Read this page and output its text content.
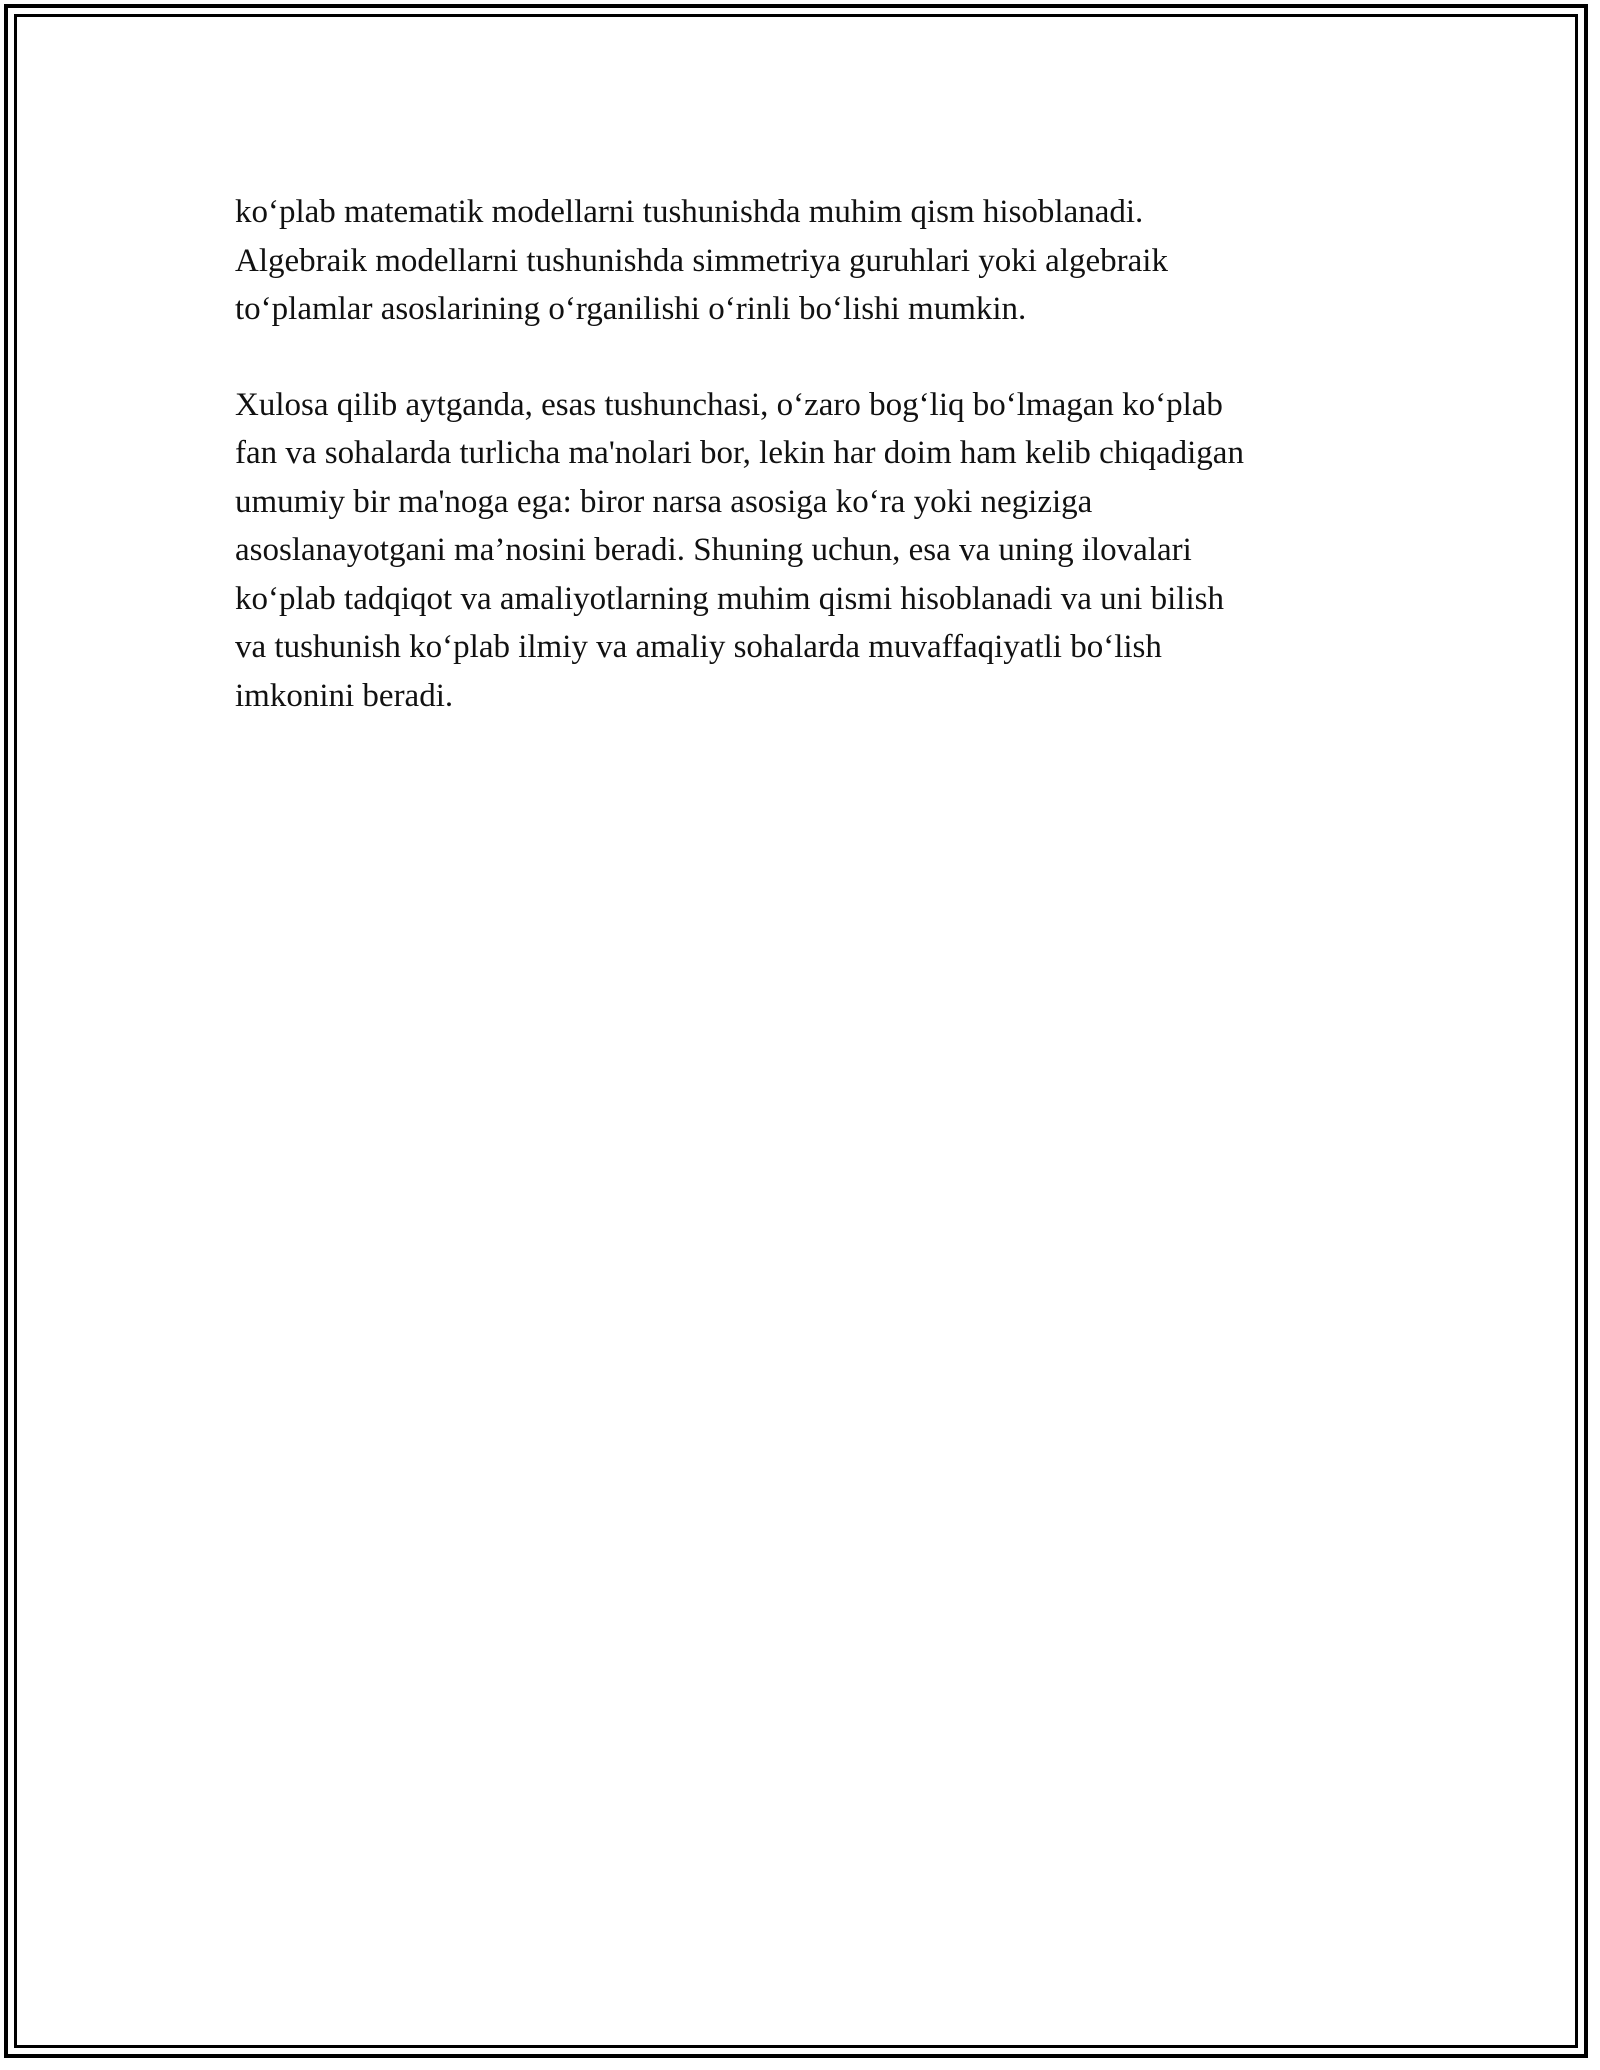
ko‘plab matematik modellarni tushunishda muhim qism hisoblanadi.
Algebraik modellarni tushunishda simmetriya guruhlari yoki algebraik
to‘plamlar asoslarining o‘rganilishi o‘rinli bo‘lishi mumkin.

Xulosa qilib aytganda, esas tushunchasi, o‘zaro bog‘liq bo‘lmagan ko‘plab
fan va sohalarda turlicha ma'nolari bor, lekin har doim ham kelib chiqadigan
umumiy bir ma'noga ega: biror narsa asosiga ko‘ra yoki negiziga
asoslanayotgani ma’nosini beradi. Shuning uchun, esa va uning ilovalari
ko‘plab tadqiqot va amaliyotlarning muhim qismi hisoblanadi va uni bilish
va tushunish ko‘plab ilmiy va amaliy sohalarda muvaffaqiyatli bo‘lish
imkonini beradi.
